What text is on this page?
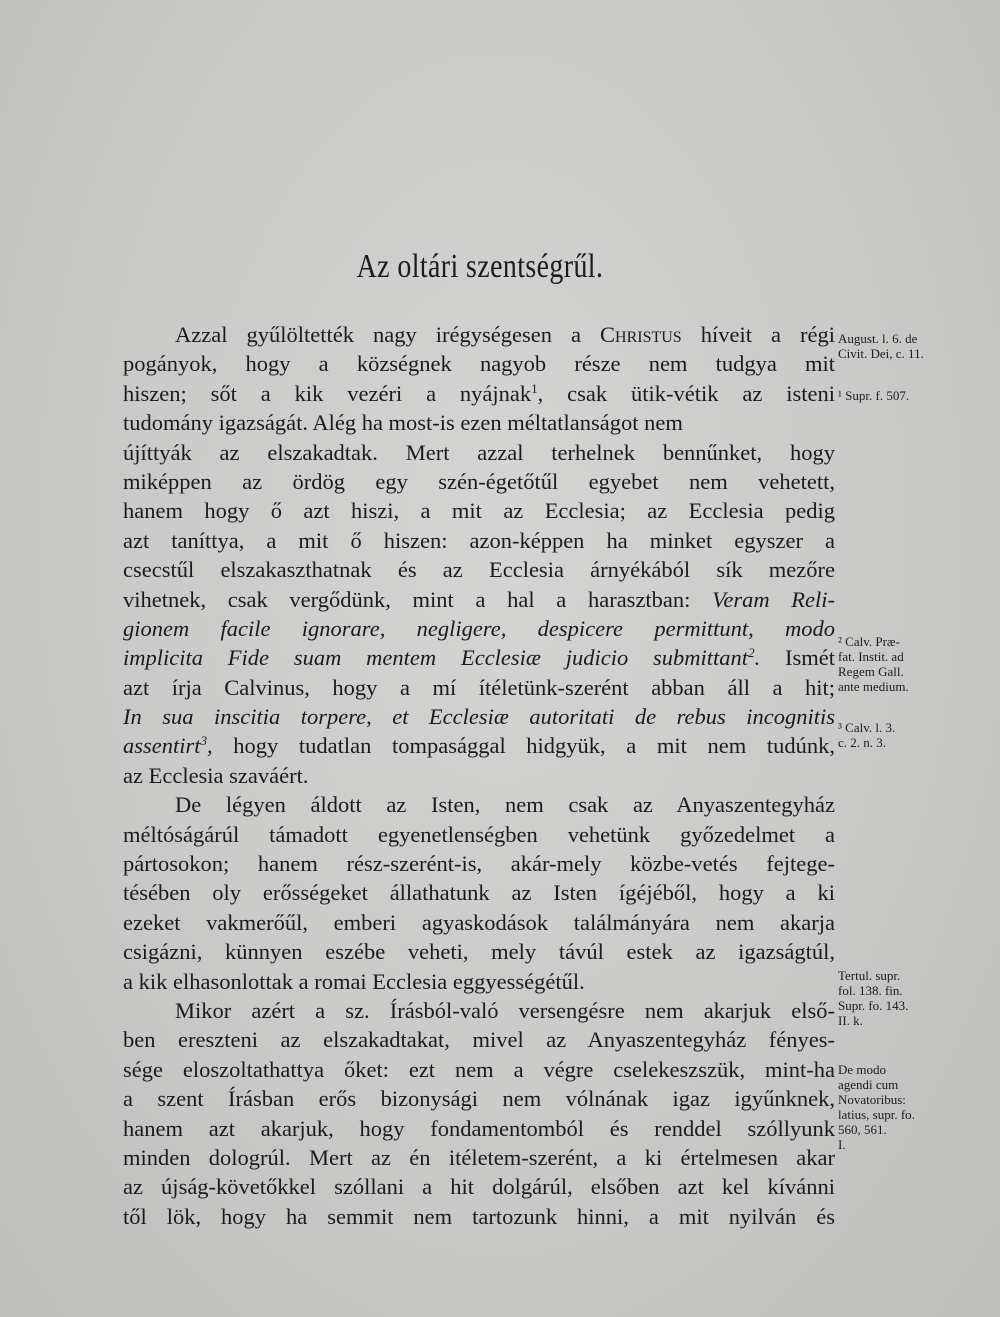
Az oltári szentségrűl.
Azzal gyűlöltették nagy irégységesen a Christus híveit a régi
pogányok, hogy a községnek nagyob része nem tudgya mit
hiszen; sőt a kik vezéri a nyájnak$^1$, csak ütik-vétik az isteni
tudomány igazságát. Alég ha most-is ezen méltatlanságot nem
újíttyák az elszakadtak. Mert azzal terhelnek bennűnket, hogy
miképpen az ördög egy szén-égetőtűl egyebet nem vehetett,
hanem hogy ő azt hiszi, a mit az Ecclesia; az Ecclesia pedig
azt taníttya, a mit ő hiszen: azon-képpen ha minket egyszer a
csecstűl elszakaszthatnak és az Ecclesia árnyékából sík mezőre
vihetnek, csak vergődünk, mint a hal a harasztban: Veram Reli-
gionem facile ignorare, negligere, despicere permittunt, modo
implicita Fide suam mentem Ecclesiæ judicio submittant$^2$. Ismét
azt írja Calvinus, hogy a mí ítéletünk-szerént abban áll a hit;
In sua inscitia torpere, et Ecclesiæ autoritati de rebus incognitis
assentirt$^3$, hogy tudatlan tompasággal hidgyük, a mit nem tudúnk,
az Ecclesia szaváért.
De légyen áldott az Isten, nem csak az Anyaszentegyház
méltóságárúl támadott egyenetlenségben vehetünk győzedelmet a
pártosokon; hanem rész-szerént-is, akár-mely közbe-vetés fejtege-
tésében oly erősségeket állathatunk az Isten ígéjéből, hogy a ki
ezeket vakmerőűl, emberi agyaskodások találmányára nem akarja
csigázni, künnyen eszébe veheti, mely távúl estek az igazságtúl,
a kik elhasonlottak a romai Ecclesia eggyességétűl.
Mikor azért a sz. Írásból-való versengésre nem akarjuk első-
ben ereszteni az elszakadtakat, mivel az Anyaszentegyház fényes-
sége eloszoltathattya őket: ezt nem a végre cselekeszszük, mint-ha
a szent Írásban erős bizonysági nem vólnának igaz igyűnknek,
hanem azt akarjuk, hogy fondamentomból és renddel szóllyunk
minden dologrúl. Mert az én itéletem-szerént, a ki értelmesen akar
az újság-követőkkel szóllani a hit dolgárúl, elsőben azt kel kívánni
től lök, hogy ha semmit nem tartozunk hinni, a mit nyilván és
August. l. 6. de
Civit. Dei, c. 11.
¹ Supr. f. 507.
² Calv. Præ-
fat. Instit. ad
Regem Gall.
ante medium.
³ Calv. l. 3.
c. 2. n. 3.
Tertul. supr.
fol. 138. fin.
Supr. fo. 143.
II. k.
De modo
agendi cum
Novatoribus:
latius, supr. fo.
560, 561.
I.
